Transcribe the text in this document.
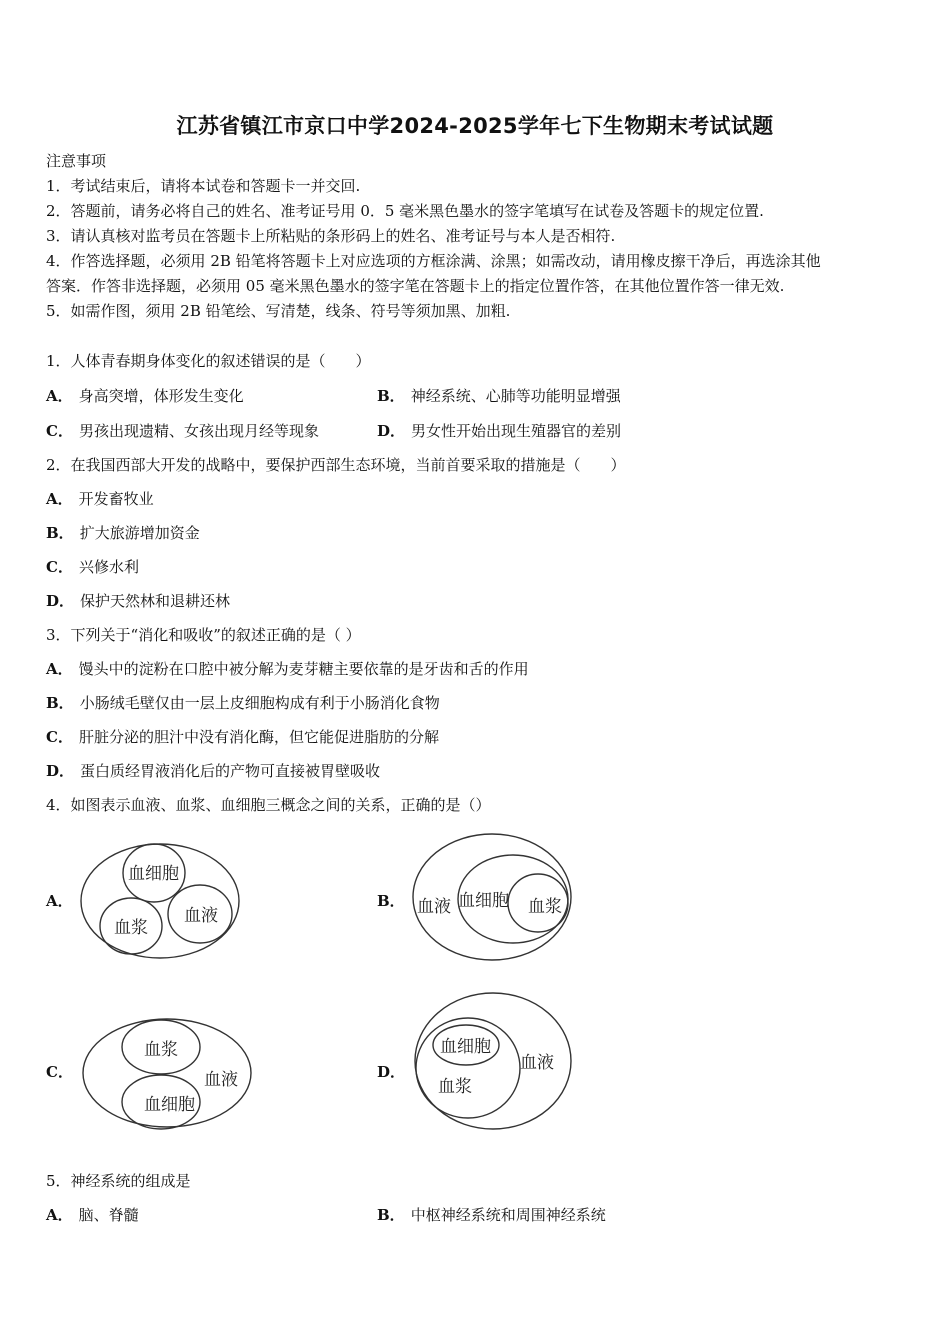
江苏省镇江市京口中学2024-2025学年七下生物期末考试试题
注意事项
1．考试结束后，请将本试卷和答题卡一并交回.
2．答题前，请务必将自己的姓名、准考证号用 0．5 毫米黑色墨水的签字笔填写在试卷及答题卡的规定位置.
3．请认真核对监考员在答题卡上所粘贴的条形码上的姓名、准考证号与本人是否相符.
4．作答选择题，必须用 2B 铅笔将答题卡上对应选项的方框涂满、涂黑；如需改动，请用橡皮擦干净后，再选涂其他
答案．作答非选择题，必须用 05 毫米黑色墨水的签字笔在答题卡上的指定位置作答，在其他位置作答一律无效.
5．如需作图，须用 2B 铅笔绘、写清楚，线条、符号等须加黑、加粗.
1．人体青春期身体变化的叙述错误的是（　　）
A． 身高突增，体形发生变化	B． 神经系统、心肺等功能明显增强
C． 男孩出现遗精、女孩出现月经等现象	D． 男女性开始出现生殖器官的差别
2．在我国西部大开发的战略中，要保护西部生态环境，当前首要采取的措施是（　　）
A． 开发畜牧业
B． 扩大旅游增加资金
C． 兴修水利
D． 保护天然林和退耕还林
3．下列关于“消化和吸收”的叙述正确的是（ ）
A． 馒头中的淀粉在口腔中被分解为麦芽糖主要依靠的是牙齿和舌的作用
B． 小肠绒毛壁仅由一层上皮细胞构成有利于小肠消化食物
C． 肝脏分泌的胆汁中没有消化酶，但它能促进脂肪的分解
D． 蛋白质经胃液消化后的产物可直接被胃壁吸收
4．如图表示血液、血浆、血细胞三概念之间的关系，正确的是（）
A．
血细胞
血浆
血液
B． 血液 血细胞 血浆
C．
血浆
血液
血细胞
D．
血细胞
血浆
血液
5．神经系统的组成是
A． 脑、脊髓	B． 中枢神经系统和周围神经系统
